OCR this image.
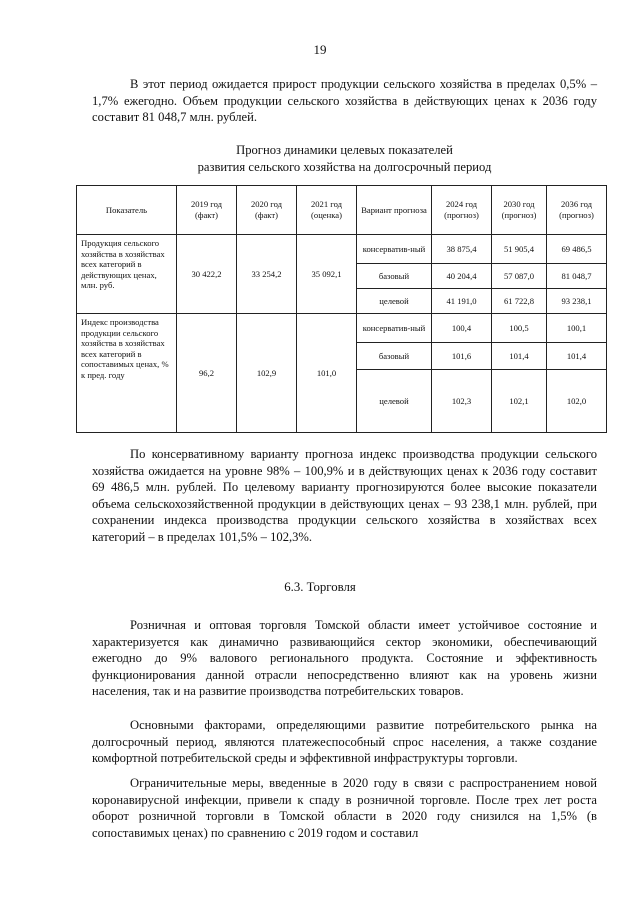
19

В этот период ожидается прирост продукции сельского хозяйства в пределах 0,5% – 1,7% ежегодно. Объем продукции сельского хозяйства в действующих ценах к 2036 году составит 81 048,7 млн. рублей.

Прогноз динамики целевых показателей
развития сельского хозяйства на долгосрочный период
Показатель	2019 год (факт)	2020 год (факт)	2021 год (оценка)	Вариант прогноза	2024 год (прогноз)	2030 год (прогноз)	2036 год (прогноз)
Продукция сельского хозяйства в хозяйствах всех категорий в действующих ценах, млн. руб.	30 422,2	33 254,2	35 092,1	консерватив-ный	38 875,4	51 905,4	69 486,5
				базовый	40 204,4	57 087,0	81 048,7
				целевой	41 191,0	61 722,8	93 238,1
Индекс производства продукции сельского хозяйства в хозяйствах всех категорий в сопоставимых ценах, % к пред. году	96,2	102,9	101,0	консерватив-ный	100,4	100,5	100,1
				базовый	101,6	101,4	101,4
				целевой	102,3	102,1	102,0

По консервативному варианту прогноза индекс производства продукции сельского хозяйства ожидается на уровне 98% – 100,9% и в действующих ценах к 2036 году составит 69 486,5 млн. рублей. По целевому варианту прогнозируются более высокие показатели объема сельскохозяйственной продукции в действующих ценах – 93 238,1 млн. рублей, при сохранении индекса производства продукции сельского хозяйства в хозяйствах всех категорий – в пределах 101,5% – 102,3%.

6.3. Торговля

Розничная и оптовая торговля Томской области имеет устойчивое состояние и характеризуется как динамично развивающийся сектор экономики, обеспечивающий ежегодно до 9% валового регионального продукта. Состояние и эффективность функционирования данной отрасли непосредственно влияют как на уровень жизни населения, так и на развитие производства потребительских товаров.

Основными факторами, определяющими развитие потребительского рынка на долгосрочный период, являются платежеспособный спрос населения, а также создание комфортной потребительской среды и эффективной инфраструктуры торговли.

Ограничительные меры, введенные в 2020 году в связи с распространением новой коронавирусной инфекции, привели к спаду в розничной торговле. После трех лет роста оборот розничной торговли в Томской области в 2020 году снизился на 1,5% (в сопоставимых ценах) по сравнению с 2019 годом и составил
